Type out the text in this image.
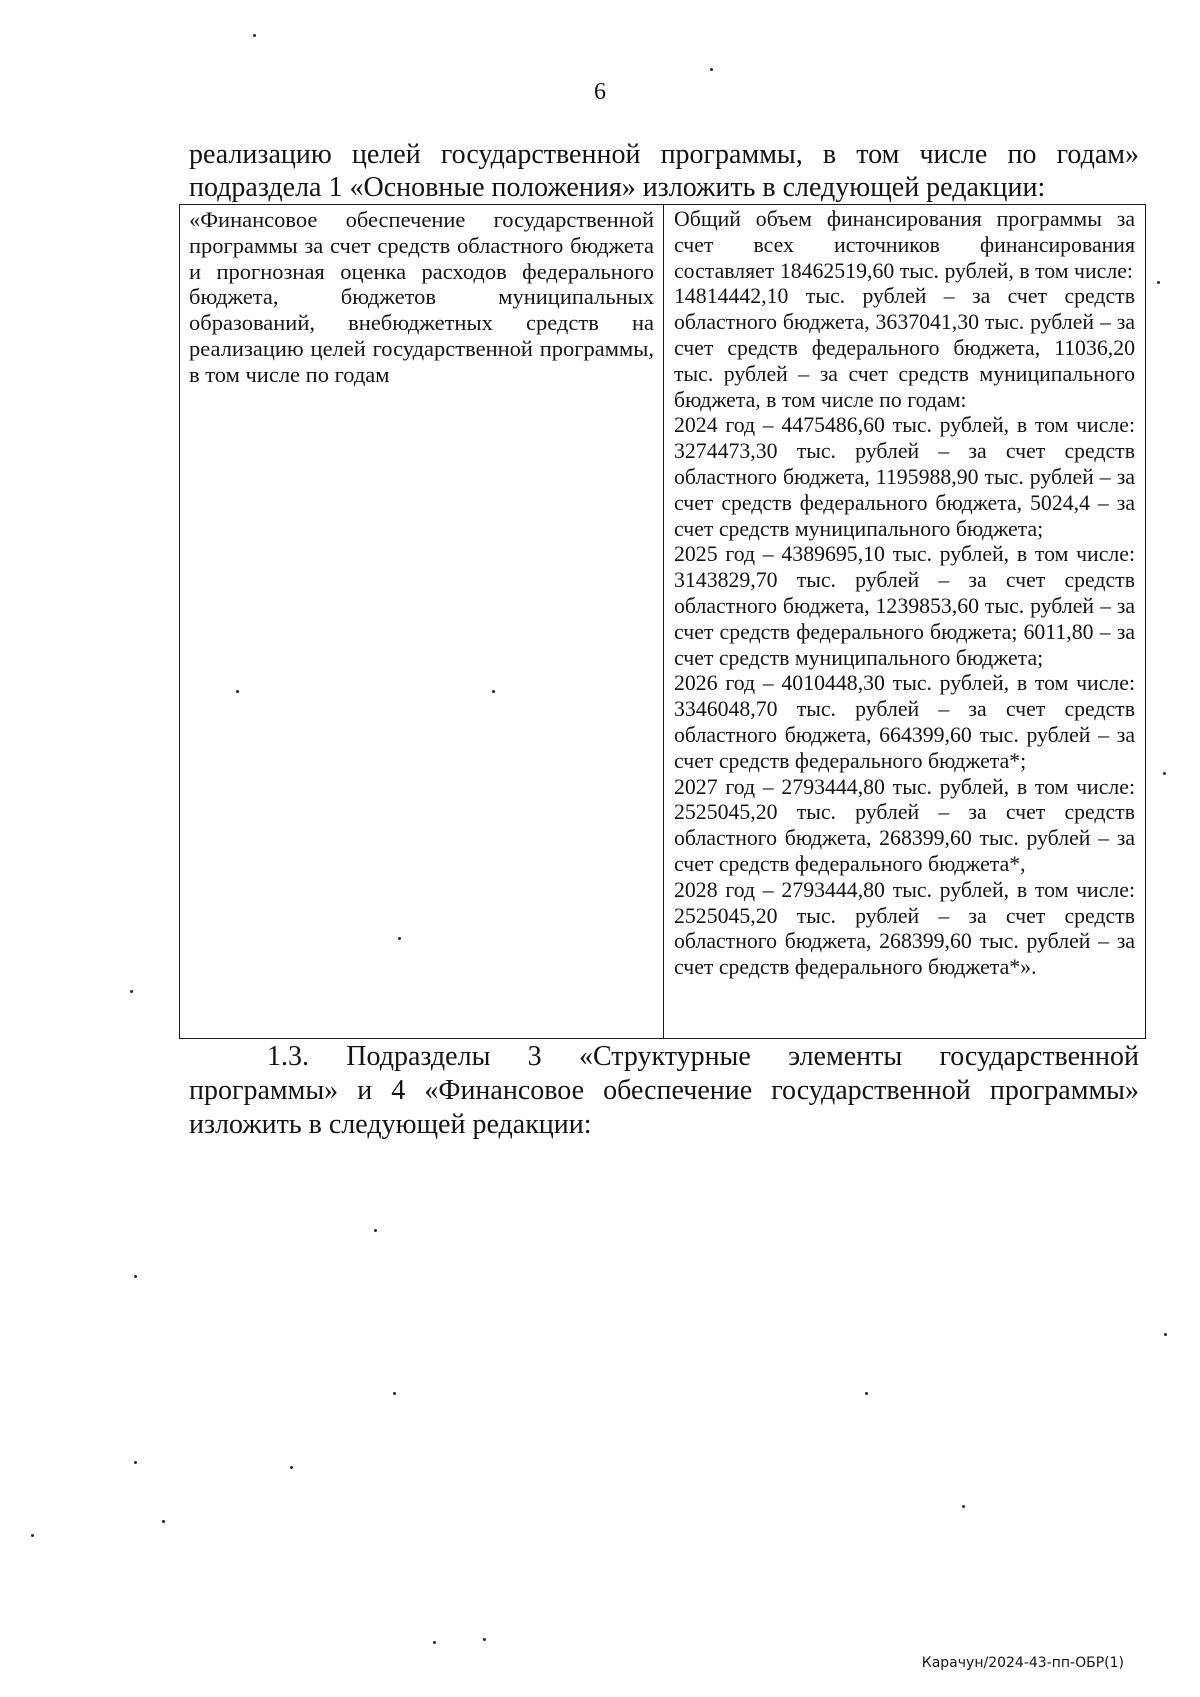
6

реализацию целей государственной программы, в том числе по годам»

подраздела 1 «Основные положения» изложить в следующей редакции:

«Финансовое обеспечение государственной программы за счет средств областного бюджета и прогнозная оценка расходов федерального бюджета, бюджетов муниципальных образований, внебюджетных средств на реализацию целей государственной программы, в том числе по годам

Общий объем финансирования программы за счет всех источников финансирования составляет 18462519,60 тыс. рублей, в том числе:

14814442,10 тыс. рублей – за счет средств областного бюджета, 3637041,30 тыс. рублей – за счет средств федерального бюджета, 11036,20 тыс. рублей – за счет средств муниципального бюджета, в том числе по годам:

2024 год – 4475486,60 тыс. рублей, в том числе: 3274473,30 тыс. рублей – за счет средств областного бюджета, 1195988,90 тыс. рублей – за счет средств федерального бюджета, 5024,4 – за счет средств муниципального бюджета;

2025 год – 4389695,10 тыс. рублей, в том числе: 3143829,70 тыс. рублей – за счет средств областного бюджета, 1239853,60 тыс. рублей – за счет средств федерального бюджета; 6011,80 – за счет средств муниципального бюджета;

2026 год – 4010448,30 тыс. рублей, в том числе: 3346048,70 тыс. рублей – за счет средств областного бюджета, 664399,60 тыс. рублей – за счет средств федерального бюджета*;

2027 год – 2793444,80 тыс. рублей, в том числе: 2525045,20 тыс. рублей – за счет средств областного бюджета, 268399,60 тыс. рублей – за счет средств федерального бюджета*,

2028 год – 2793444,80 тыс. рублей, в том числе: 2525045,20 тыс. рублей – за счет средств областного бюджета, 268399,60 тыс. рублей – за счет средств федерального бюджета*».

1.3. Подразделы 3 «Структурные элементы государственной программы» и 4 «Финансовое обеспечение государственной программы» изложить в следующей редакции:

Карачун/2024-43-пп-ОБР(1)
